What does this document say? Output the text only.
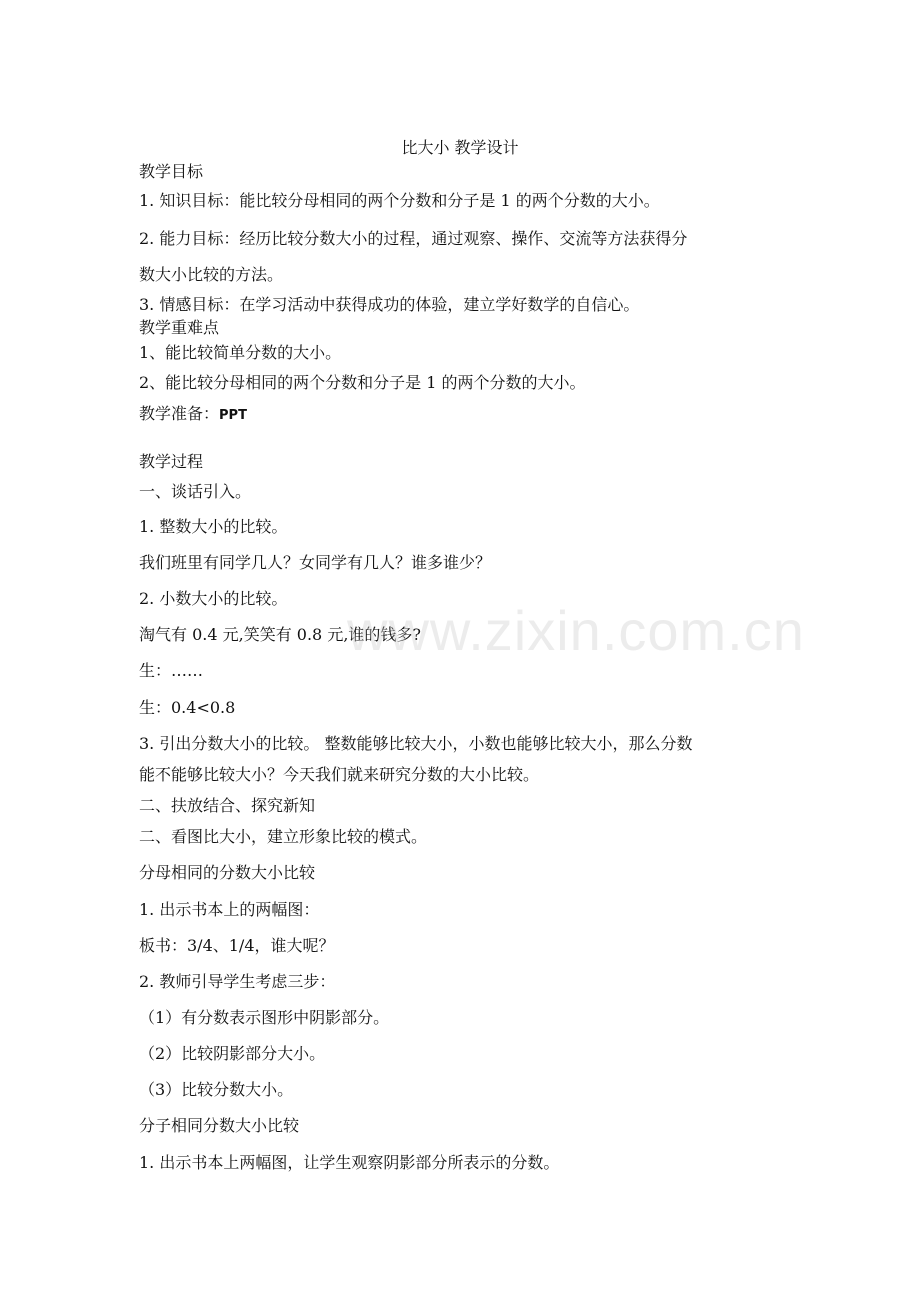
比大小 教学设计
教学目标
1. 知识目标：能比较分母相同的两个分数和分子是 1 的两个分数的大小。
2. 能力目标：经历比较分数大小的过程，通过观察、操作、交流等方法获得分
数大小比较的方法。
3. 情感目标：在学习活动中获得成功的体验，建立学好数学的自信心。
教学重难点
1、能比较简单分数的大小。
2、能比较分母相同的两个分数和分子是 1 的两个分数的大小。
教学准备：PPT
教学过程
一、谈话引入。
1. 整数大小的比较。
我们班里有同学几人？女同学有几人？谁多谁少？
2. 小数大小的比较。
淘气有 0.4 元,笑笑有 0.8 元,谁的钱多?
生：……
生：0.4<0.8
3. 引出分数大小的比较。 整数能够比较大小，小数也能够比较大小，那么分数
能不能够比较大小？今天我们就来研究分数的大小比较。
二、扶放结合、探究新知
二、看图比大小，建立形象比较的模式。
分母相同的分数大小比较
1. 出示书本上的两幅图：
板书：3/4、1/4，谁大呢？
2. 教师引导学生考虑三步：
（1）有分数表示图形中阴影部分。
（2）比较阴影部分大小。
（3）比较分数大小。
分子相同分数大小比较
1. 出示书本上两幅图，让学生观察阴影部分所表示的分数。
www.zixin.com.cn
